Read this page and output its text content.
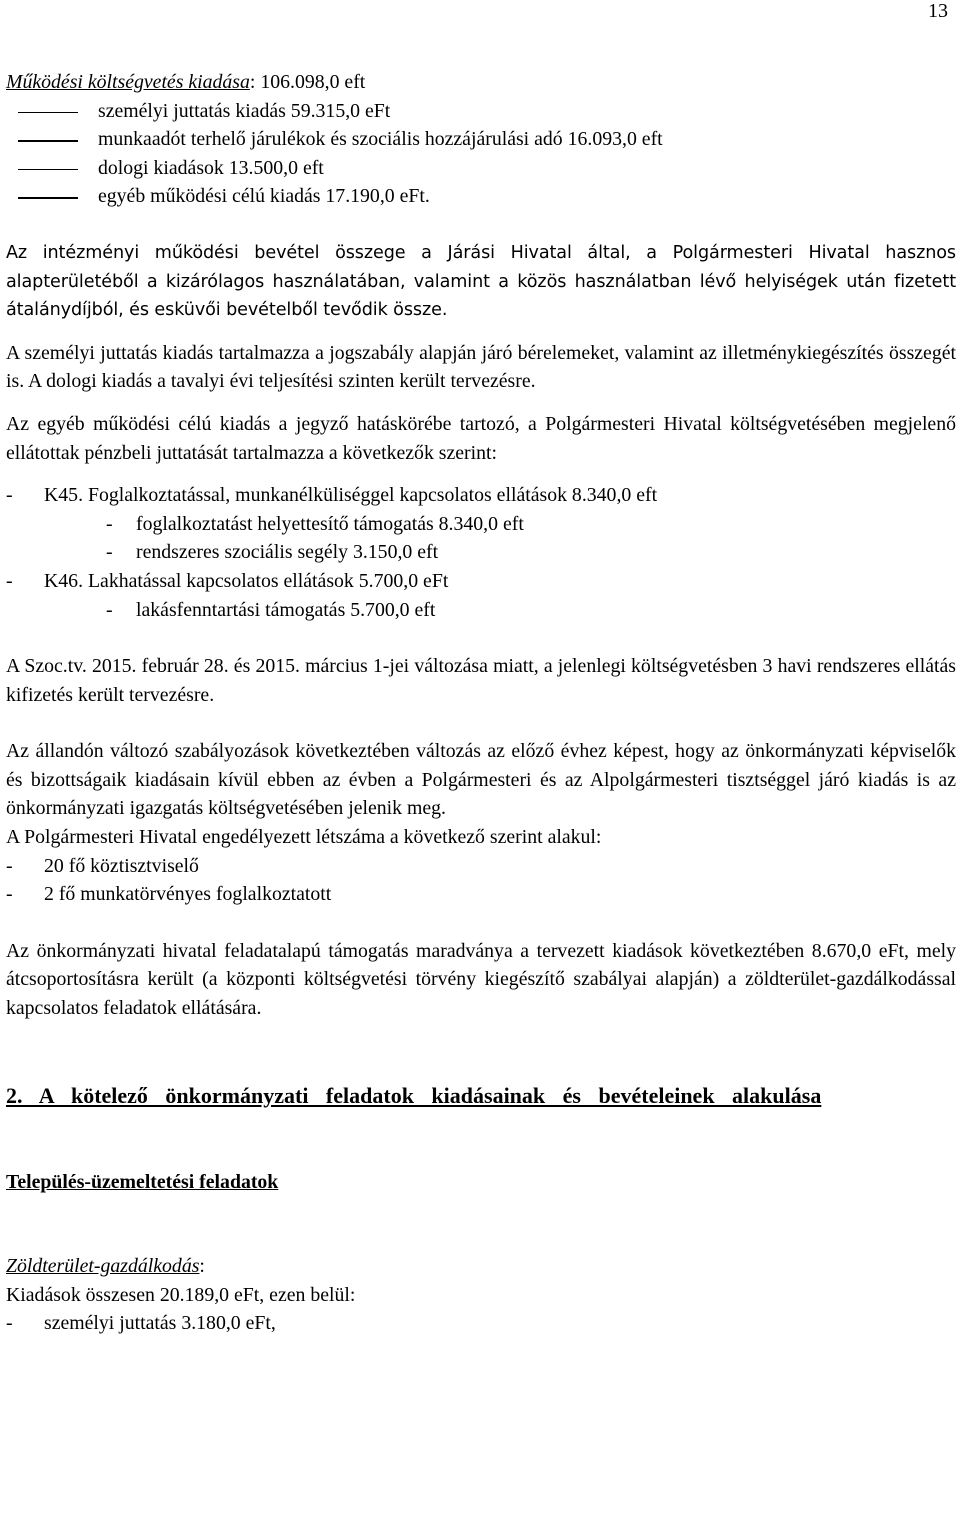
13

Működési költségvetés kiadása: 106.098,0 eft

személyi juttatás kiadás 59.315,0 eFt

munkaadót terhelő járulékok és szociális hozzájárulási adó 16.093,0 eft

dologi kiadások 13.500,0 eft

egyéb működési célú kiadás 17.190,0 eFt.

Az intézményi működési bevétel összege a Járási Hivatal által, a Polgármesteri Hivatal hasznos alapterületéből a kizárólagos használatában, valamint a közös használatban lévő helyiségek után fizetett átalánydíjból, és esküvői bevételből tevődik össze.

A személyi juttatás kiadás tartalmazza a jogszabály alapján járó bérelemeket, valamint az illetménykiegészítés összegét is. A dologi kiadás a tavalyi évi teljesítési szinten került tervezésre.

Az egyéb működési célú kiadás a jegyző hatáskörébe tartozó, a Polgármesteri Hivatal költségvetésében megjelenő ellátottak pénzbeli juttatását tartalmazza a következők szerint:

-	K45. Foglalkoztatással, munkanélküliséggel kapcsolatos ellátások 8.340,0 eft
-	foglalkoztatást helyettesítő támogatás 8.340,0 eft
-	rendszeres szociális segély 3.150,0 eft
-	K46. Lakhatással kapcsolatos ellátások 5.700,0 eFt
-	lakásfenntartási támogatás 5.700,0 eft

A Szoc.tv. 2015. február 28. és 2015. március 1-jei változása miatt, a jelenlegi költségvetésben 3 havi rendszeres ellátás kifizetés került tervezésre.

Az állandón változó szabályozások következtében változás az előző évhez képest, hogy az önkormányzati képviselők és bizottságaik kiadásain kívül ebben az évben a Polgármesteri és az Alpolgármesteri tisztséggel járó kiadás is az önkormányzati igazgatás költségvetésében jelenik meg.

A Polgármesteri Hivatal engedélyezett létszáma a következő szerint alakul:

-	20 fő köztisztviselő
-	2 fő munkatörvényes foglalkoztatott

Az önkormányzati hivatal feladatalapú támogatás maradványa a tervezett kiadások következtében 8.670,0 eFt, mely átcsoportosításra került (a központi költségvetési törvény kiegészítő szabályai alapján) a zöldterület-gazdálkodással kapcsolatos feladatok ellátására.

2. A kötelező önkormányzati feladatok kiadásainak és bevételeinek alakulása

Település-üzemeltetési feladatok

Zöldterület-gazdálkodás:

Kiadások összesen 20.189,0 eFt, ezen belül:

-	személyi juttatás 3.180,0 eFt,
